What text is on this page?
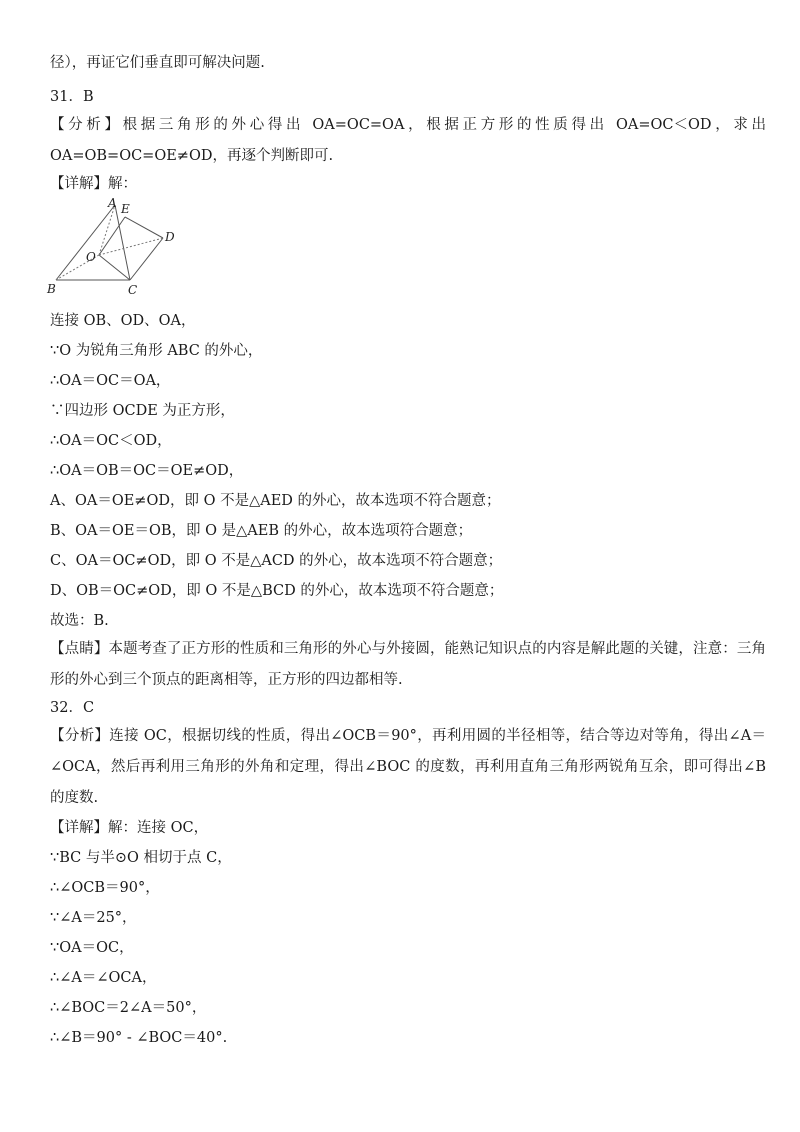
径），再证它们垂直即可解决问题.
31．B
【分析】根据三角形的外心得出 OA=OC=OA，根据正方形的性质得出 OA=OC＜OD，求出 OA=OB=OC=OE≠OD，再逐个判断即可.
【详解】解：
A E
D
O
B	C
连接 OB、OD、OA，
∵O 为锐角三角形 ABC 的外心，
∴OA＝OC＝OA，
∵四边形 OCDE 为正方形，
∴OA＝OC＜OD，
∴OA＝OB＝OC＝OE≠OD，
A、OA＝OE≠OD，即 O 不是△AED 的外心，故本选项不符合题意；
B、OA＝OE＝OB，即 O 是△AEB 的外心，故本选项符合题意；
C、OA＝OC≠OD，即 O 不是△ACD 的外心，故本选项不符合题意；
D、OB＝OC≠OD，即 O 不是△BCD 的外心，故本选项不符合题意；
故选：B.
【点睛】本题考查了正方形的性质和三角形的外心与外接圆，能熟记知识点的内容是解此题的关键，注意：三角形的外心到三个顶点的距离相等，正方形的四边都相等.
32．C
【分析】连接 OC，根据切线的性质，得出∠OCB＝90°，再利用圆的半径相等，结合等边对等角，得出∠A＝∠OCA，然后再利用三角形的外角和定理，得出∠BOC 的度数，再利用直角三角形两锐角互余，即可得出∠B 的度数.
【详解】解：连接 OC，
∵BC 与半⊙O 相切于点 C，
∴∠OCB＝90°，
∵∠A＝25°，
∵OA＝OC，
∴∠A＝∠OCA，
∴∠BOC＝2∠A＝50°，
∴∠B＝90° - ∠BOC＝40°.
